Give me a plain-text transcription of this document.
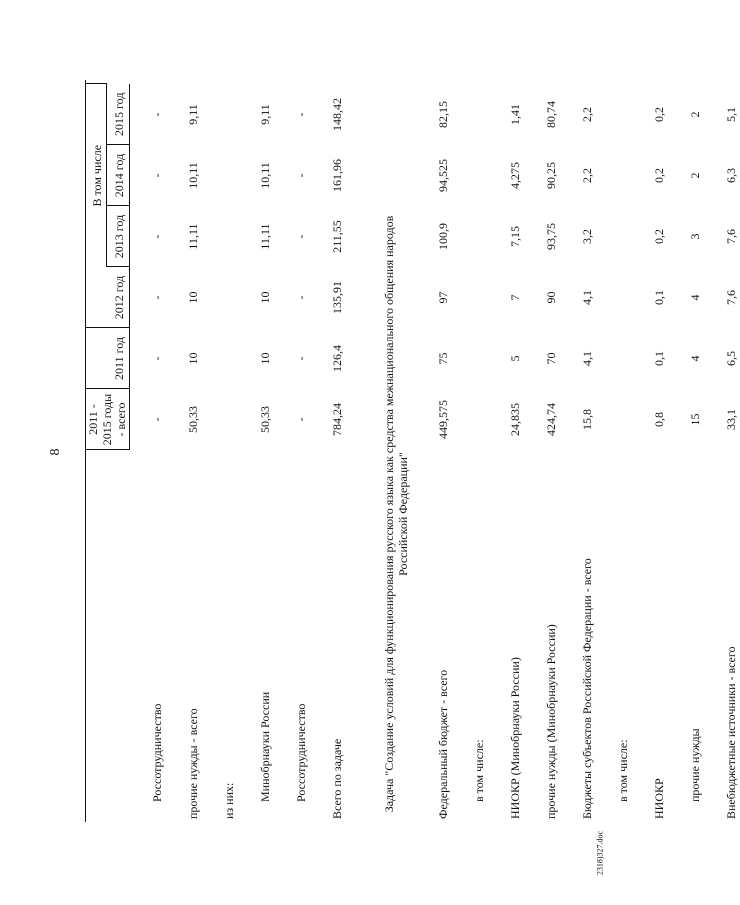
8
2318)327.doc
	2011 - 2015 годы - всего			В том числе			
		2011 год	2012 год	2013 год	2014 год	2015 год	
Россотрудничество	-	-	-	-	-	-	
прочие нужды - всего	50,33	10	10	11,11	10,11	9,11	
из них:							
Минобрнауки России	50,33	10	10	11,11	10,11	9,11	
Россотрудничество	-	-	-	-	-	-	
Всего по задаче	784,24	126,4	135,91	211,55	161,96	148,42	
Задача "Создание условий для функционирования русского языка как средства межнационального общения народов Российской Федерации"							
Федеральный бюджет - всего	449,575	75	97	100,9	94,525	82,15	
в том числе:							
НИОКР (Минобрнауки России)	24,835	5	7	7,15	4,275	1,41	
прочие нужды (Минобрнауки России)	424,74	70	90	93,75	90,25	80,74	
Бюджеты субъектов Российской Федерации - всего	15,8	4,1	4,1	3,2	2,2	2,2	
в том числе:							
НИОКР	0,8	0,1	0,1	0,2	0,2	0,2	
прочие нужды	15	4	4	3	2	2	
Внебюджетные источники - всего	33,1	6,5	7,6	7,6	6,3	5,1	
